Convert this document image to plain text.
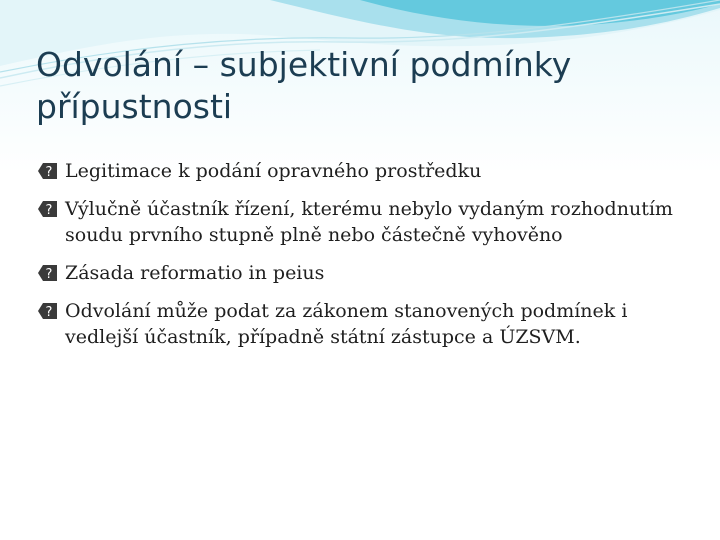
Odvolání – subjektivní podmínky přípustnosti
? Legitimace k podání opravného prostředku
? Výlučně účastník řízení, kterému nebylo vydaným rozhodnutím soudu prvního stupně plně nebo částečně vyhověno
? Zásada reformatio in peius
? Odvolání může podat za zákonem stanovených podmínek i vedlejší účastník, případně státní zástupce a ÚZSVM.
